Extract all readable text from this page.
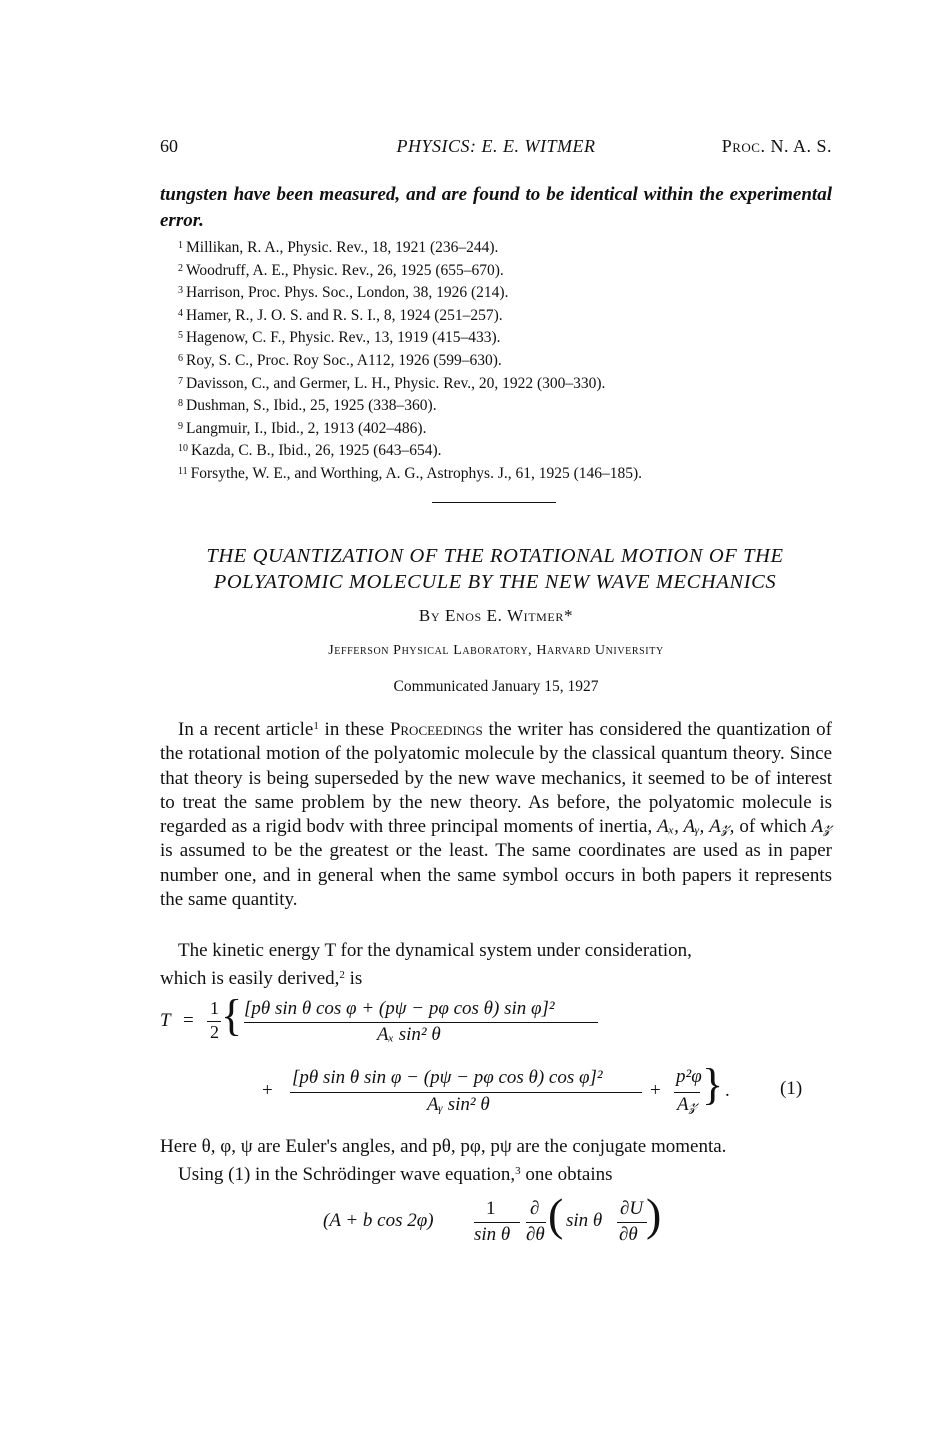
60	PHYSICS: E. E. WITMER	Proc. N. A. S.
tungsten have been measured, and are found to be identical within the experimental error.
$^1$ Millikan, R. A., Physic. Rev., 18, 1921 (236–244).
$^2$ Woodruff, A. E., Physic. Rev., 26, 1925 (655–670).
$^3$ Harrison, Proc. Phys. Soc., London, 38, 1926 (214).
$^4$ Hamer, R., J. O. S. and R. S. I., 8, 1924 (251–257).
$^5$ Hagenow, C. F., Physic. Rev., 13, 1919 (415–433).
$^6$ Roy, S. C., Proc. Roy Soc., A112, 1926 (599–630).
$^7$ Davisson, C., and Germer, L. H., Physic. Rev., 20, 1922 (300–330).
$^8$ Dushman, S., Ibid., 25, 1925 (338–360).
$^9$ Langmuir, I., Ibid., 2, 1913 (402–486).
$^{10}$ Kazda, C. B., Ibid., 26, 1925 (643–654).
$^{11}$ Forsythe, W. E., and Worthing, A. G., Astrophys. J., 61, 1925 (146–185).
THE QUANTIZATION OF THE ROTATIONAL MOTION OF THE
POLYATOMIC MOLECULE BY THE NEW WAVE MECHANICS
By Enos E. Witmer*
Jefferson Physical Laboratory, Harvard University
Communicated January 15, 1927

In a recent article$^1$ in these Proceedings the writer has considered the quantization of the rotational motion of the polyatomic molecule by the classical quantum theory. Since that theory is being superseded by the new wave mechanics, it seemed to be of interest to treat the same problem by the new theory. As before, the polyatomic molecule is regarded as a rigid bodv with three principal moments of inertia, Aₓ, Aᵧ, A𝓏, of which A𝓏 is assumed to be the greatest or the least. The same coordinates are used as in paper number one, and in general when the same symbol occurs in both papers it represents the same quantity.

The kinetic energy T for the dynamical system under consideration,
which is easily derived,$^2$ is
T =
1
2 { [pθ sin θ cos φ + (pψ − pφ cos θ) sin φ]²
Aₓ sin² θ
+
[pθ sin θ sin φ − (pψ − pφ cos θ) cos φ]²
Aᵧ sin² θ
+
p²φ
A𝓏 } .	(1)
Here θ, φ, ψ are Euler's angles, and pθ, pφ, pψ are the conjugate momenta.
Using (1) in the Schrödinger wave equation,$^3$ one obtains
(A + b cos 2φ)
1
sin θ
∂
∂θ ( sin θ
∂U
∂θ )
